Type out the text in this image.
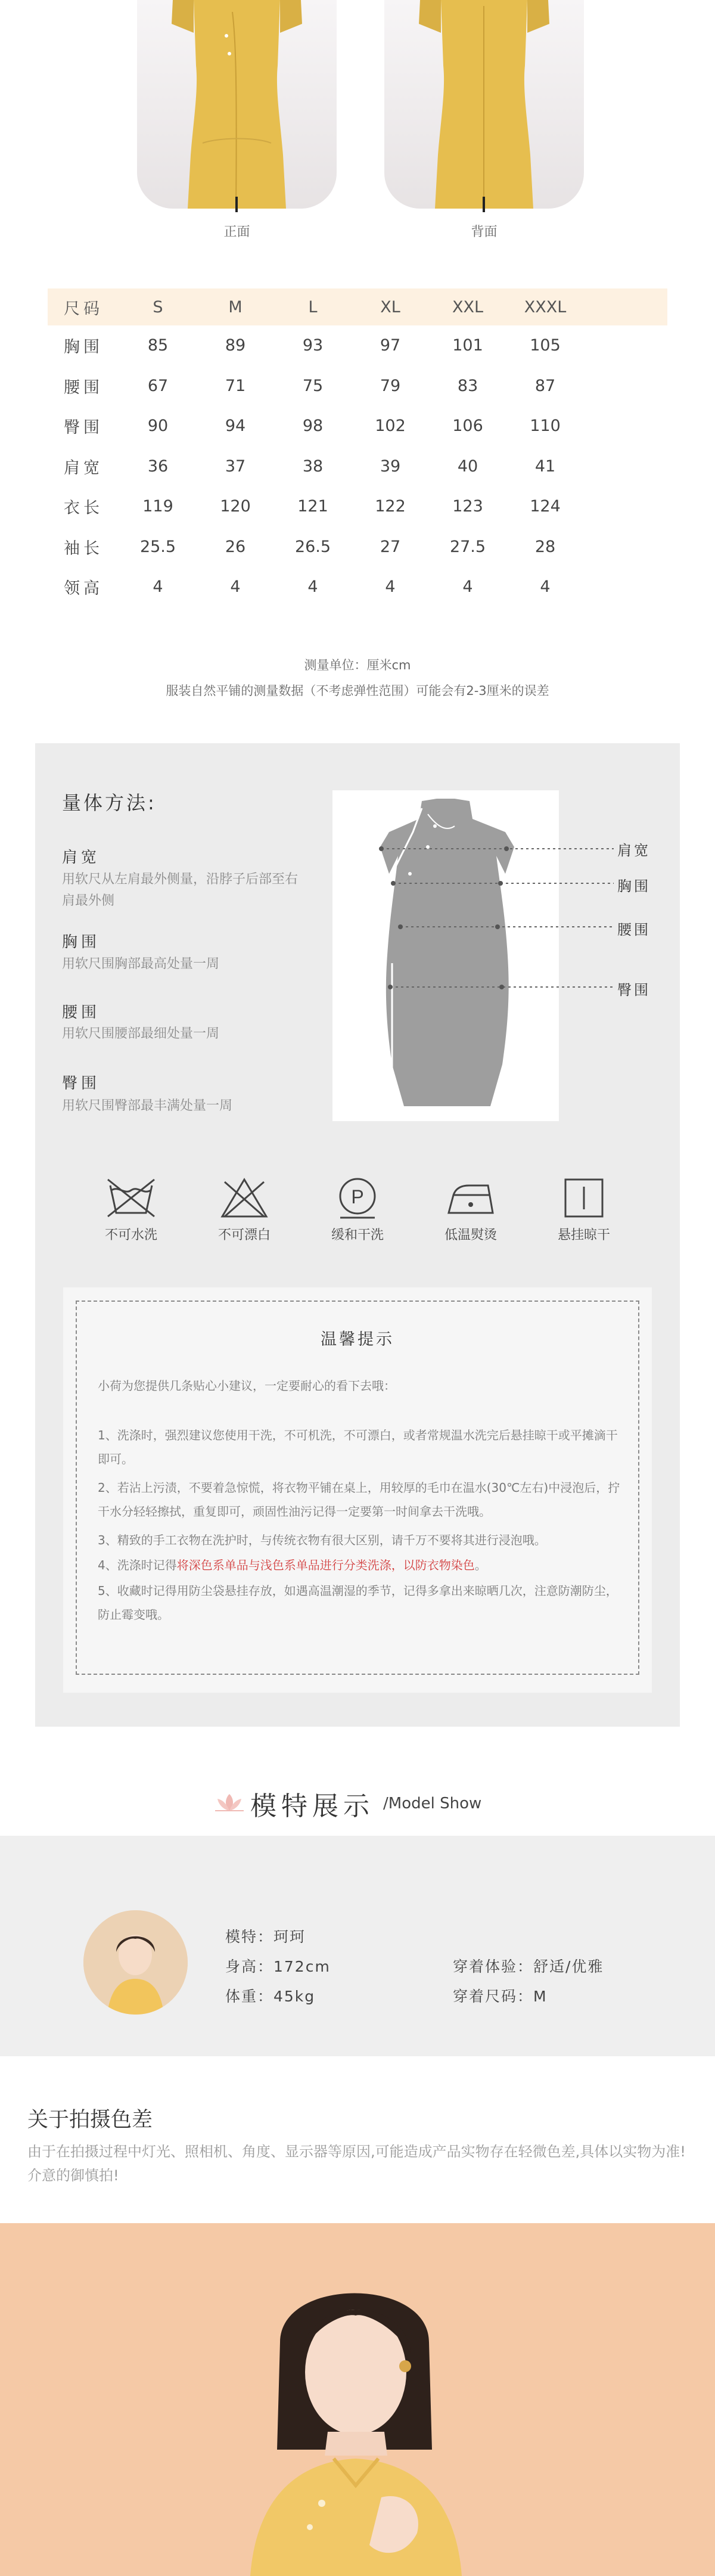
正面	背面
尺码	S	M	L	XL	XXL	XXXL
胸围	85	89	93	97	101	105
腰围	67	71	75	79	83	87
臀围	90	94	98	102	106	110
肩宽	36	37	38	39	40	41
衣长	119	120	121	122	123	124
袖长	25.5	26	26.5	27	27.5	28
领高	4	4	4	4	4	4
测量单位：厘米cm
服装自然平铺的测量数据（不考虑弹性范围）可能会有2-3厘米的误差
量体方法:
肩宽
用软尺从左肩最外侧量，沿脖子后部至右肩最外侧
胸围
用软尺围胸部最高处量一周
腰围
用软尺围腰部最细处量一周
臀围
用软尺围臀部最丰满处量一周
肩宽
胸围
腰围
臀围
不可水洗	不可漂白
P
缓和干洗	低温熨烫	悬挂晾干
温馨提示
小荷为您提供几条贴心小建议，一定要耐心的看下去哦：
1、洗涤时，强烈建议您使用干洗，不可机洗，不可漂白，或者常规温水洗完后悬挂晾干或平摊滴干即可。
2、若沾上污渍，不要着急惊慌，将衣物平铺在桌上，用较厚的毛巾在温水(30℃左右)中浸泡后，拧干水分轻轻擦拭，重复即可，顽固性油污记得一定要第一时间拿去干洗哦。
3、精致的手工衣物在洗护时，与传统衣物有很大区别，请千万不要将其进行浸泡哦。
4、洗涤时记得将深色系单品与浅色系单品进行分类洗涤，以防衣物染色。
5、收藏时记得用防尘袋悬挂存放，如遇高温潮湿的季节，记得多拿出来晾晒几次，注意防潮防尘，防止霉变哦。
模特展示 /Model Show
模特：珂珂
身高：172cm
体重：45kg
穿着体验：舒适/优雅
穿着尺码：M
关于拍摄色差
由于在拍摄过程中灯光、照相机、角度、显示器等原因,可能造成产品实物存在轻微色差,具体以实物为准!介意的御慎拍!
